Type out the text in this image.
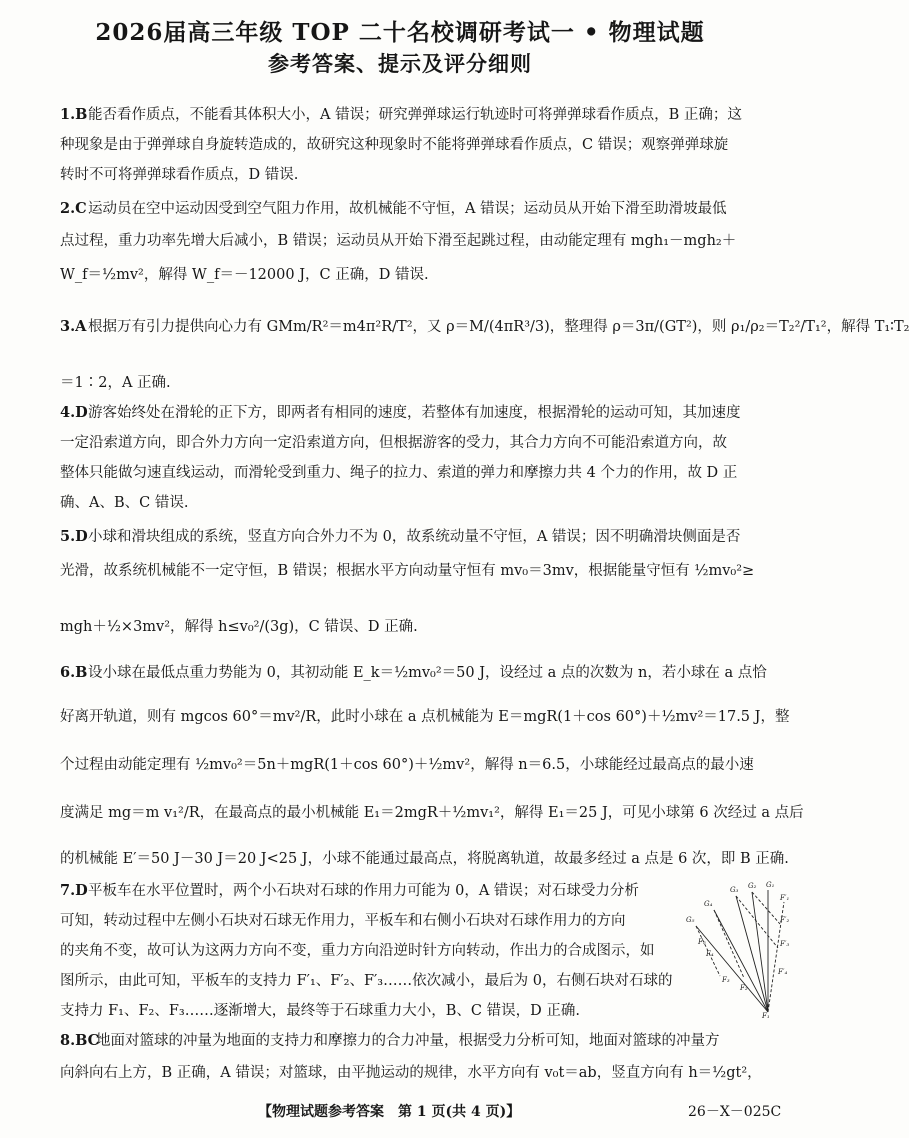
2026届高三年级 TOP 二十名校调研考试一 • 物理试题
参考答案、提示及评分细则
1.B 能否看作质点，不能看其体积大小，A 错误；研究弹弹球运行轨迹时可将弹弹球看作质点，B 正确；这
种现象是由于弹弹球自身旋转造成的，故研究这种现象时不能将弹弹球看作质点，C 错误；观察弹弹球旋
转时不可将弹弹球看作质点，D 错误.
2.C 运动员在空中运动因受到空气阻力作用，故机械能不守恒，A 错误；运动员从开始下滑至助滑坡最低
点过程，重力功率先增大后减小，B 错误；运动员从开始下滑至起跳过程，由动能定理有 mgh₁－mgh₂＋
W_f＝½mv²，解得 W_f＝－12000 J，C 正确，D 错误.
3.A 根据万有引力提供向心力有 GMm/R²＝m4π²R/T²，又 ρ＝M/(4πR³/3)，整理得 ρ＝3π/(GT²)，则 ρ₁/ρ₂＝T₂²/T₁²，解得 T₁∶T₂
＝1∶2，A 正确.
4.D 游客始终处在滑轮的正下方，即两者有相同的速度，若整体有加速度，根据滑轮的运动可知，其加速度
一定沿索道方向，即合外力方向一定沿索道方向，但根据游客的受力，其合力方向不可能沿索道方向，故
整体只能做匀速直线运动，而滑轮受到重力、绳子的拉力、索道的弹力和摩擦力共 4 个力的作用，故 D 正
确、A、B、C 错误.
5.D 小球和滑块组成的系统，竖直方向合外力不为 0，故系统动量不守恒，A 错误；因不明确滑块侧面是否
光滑，故系统机械能不一定守恒，B 错误；根据水平方向动量守恒有 mv₀＝3mv，根据能量守恒有 ½mv₀²≥
mgh＋½×3mv²，解得 h≤v₀²/(3g)，C 错误、D 正确.
6.B 设小球在最低点重力势能为 0，其初动能 E_k＝½mv₀²＝50 J，设经过 a 点的次数为 n，若小球在 a 点恰
好离开轨道，则有 mgcos 60°＝mv²/R，此时小球在 a 点机械能为 E＝mgR(1＋cos 60°)＋½mv²＝17.5 J，整
个过程由动能定理有 ½mv₀²＝5n＋mgR(1＋cos 60°)＋½mv²，解得 n＝6.5，小球能经过最高点的最小速
度满足 mg＝m v₁²/R，在最高点的最小机械能 E₁＝2mgR＋½mv₁²，解得 E₁＝25 J，可见小球第 6 次经过 a 点后
的机械能 E′＝50 J－30 J＝20 J<25 J，小球不能通过最高点，将脱离轨道，故最多经过 a 点是 6 次，即 B 正确.
7.D 平板车在水平位置时，两个小石块对石球的作用力可能为 0，A 错误；对石球受力分析
可知，转动过程中左侧小石块对石球无作用力，平板车和右侧小石块对石球作用力的方向
的夹角不变，故可认为这两力方向不变，重力方向沿逆时针方向转动，作出力的合成图示，如
图所示，由此可知，平板车的支持力 F′₁、F′₂、F′₃……依次减小，最后为 0，右侧石块对石球的
支持力 F₁、F₂、F₃……逐渐增大，最终等于石球重力大小，B、C 错误，D 正确.
G₁
G₂
G₃
G₄
G₅
F′₁
F′₂
F′₃
F′₄
F₁
F₂
F₃
F₄
F₅
8.BC
地面对篮球的冲量为地面的支持力和摩擦力的合力冲量，根据受力分析可知，地面对篮球的冲量方
向斜向右上方，B 正确，A 错误；对篮球，由平抛运动的规律，水平方向有 v₀t＝ab，竖直方向有 h＝½gt²，
【物理试题参考答案　第 1 页(共 4 页)】	26－X－025C
